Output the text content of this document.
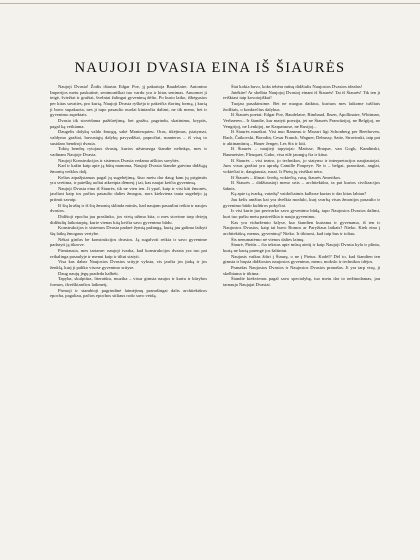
NAUJOJI DVASIA EINA IŠ ŠIAURĖS

Naujoji Dvasia! Žodis ištartas Edgar Poe, jį pakartoja Baudelaire. Antonino Imperijos metu paskutinė, senimoniškai tuo vardu yra ir kitas senimas. Anuomet ji teigė, šviežiai ir gražiai, švelniai žalingai gyvenimą dėlto. Po kurio laiko, išbėgusios per kitas savaites, pro kurią, Naujoji Dvasia ryškėja ir pakeičia išorinę formą, į kurią ji buvo supakuota, nes ji tapo pasaulio nuolat kintančia dalimi, ne tik meno, bet ir gyvenimo aspektais.

Dvasia tik stovėdama pažiūrėjimą, bet gražiu, pagrindu, skatinimu, kryptis, pagal ką veikiama.

Daugelis dalykų valdo žmogų, sakė Montesquieu. Oras, tikėjimas, įstatymai, valdymo gražiai, buvusiųjų dalykų pavyzdžiai, papročiai, manieros – iš visų to susidaro bendroji dvasia.

Tokių bendrų rytojaus dvasių, kurios užsimezga šiandie nelinkęs, mes ir vadinam Naujoje Dvasia.

Naujoji Konstrukcijos ir sistemos Dvasia vedama aiškios savybės.

Kad ir kažin kaip apie ją būtų manoma, Naujoji Dvasia šiandie gaivina didžiąją žmonių veiklos dalį.

Kelias atpažįstamas pagal jų sugebėjimą, šiuo metu dar daug kam jų prigimtis yra svetima, ir paieškų uoliai atkreipia dėmesį į tai, kas naujai keičia gyvenimą.

Naujoji Dvasia eina iš Šiaurės, tik ne vien ten. Ji ypač, kaip ir visi kiti žmonės, jaučiasi kaip tos pačios pasaulio dalies žmogus, nors kiekviena tauta sugebėjo ją priimti savaip.

Iš šių kraštų ir iš šių žmonių sklinda mintis, kad naujam pasauliui reikia ir naujos dvasios.

Didžioji epocha jau praslinko, jos vietą užima kita, o mes stovime tarp dviejų didžiulių laikotarpių, kurie vienas kitą keičia savo gyvenimo būdu.

Konstrukcijos ir sistemos Dvasia padarė žymią pažangą, kurią jau galima laikyti šių laikų žmogaus vertybe.

Nėkai ginčas be konstrukcijos dvasios. Ją sugalvoti reikia ir savo gyvenime padaryti ją tikrove.

Pirmiausia, mes tariame: naujoji tvarka, kad konstrukcijos dvasia yra tuo pat reikalinga pasaulyje ir menui kaip ir tiltui statyti.

Visa kas dabar Naujosios Dvasios srityje vyksta, vis jaučia jos įtaką ir jos ženklą, kurį ji paliko visose gyvenimo srityse.

Daug naujų jėgų pradeda kalbėti.

Tapyba, skulptūra, literatūra, muzika – visur gimsta naujos ir kartu ir kūrybos formos, išreiškiančios laikmetį.

Pirmoji ir stambioji pagrindinė laimėjimų pranašingai dalis architektūros epocha, pagaliau, pačios epochos stiliaus rodo savo veidą.

Šiai kokia buvo, koks tebėra mūsų didžiulis Naujosios Dvasios idealas!

Jutėkite! Ar skelbta Naujojoj Dvasioj einant iš Šiaurės! Tai iš Šiaurės! Tik ten ji reiškiasi taip kovotojiškai!

Tuojau pasakinsime. Bet ne nuogus daiktus, kuriuos mes laikome tuščiais žodžiais, o konkrečius dalykus.

Iš Šiaurės poetai: Edgar Poe, Baudelaire, Rimbaud, Ibsen, Apollinaire, Whitman, Verhaeren... Ir šiandie, kur matyti poezija, jei ne Šiaurės Prancūzijoj, ne Belgijoj, ne Vengrijoj, ne Lenkijoj, ne Karpatuose, ne Rusijoj...

Iš Šiaurės muzikai. Visi nuo Rameau ir Mozart ligi Schonberg per Beethoven, Bach, Čaikovski, Borodin, Cesar Franck, Wagner, Debussy, Satie, Stravinski, taip pat ir aktinantinių – Hauer Jenger, Les Six ir kiti.

Iš Šiaurės – naujieji tapytojai: Matisse, Braque, van Gogh, Kandinski, Baumeister, Fleuquet, Gabo, visa eilė jaunųjų čia ir kitur.

Iš Šiaurės – visi teatro, jo technikos, jo statymo ir interpretacijos naujiautojai. Juos visus gražiai yra aprašę Camille Poupeye. Ne ir – belgai, prancūzai, anglai, vokiečiai ir, daugiausia, rusai. Ir Pietų jų visiškai nėra.

Iš Šiaurės – filmai: švedų, vokiečių, rusų, šiaurės Amerikos.

Iš Šiaurės – didžiausioji meno srtis – architektūra, ta pat kurios civilizacijos šaknis.

Ką apie tą tvarką, vaizdų? vaidočiaimis kalbose kurias ir dar kitas labiau?

Jau kelis amžius kai yra dvelkia modulo, kurį svarbą visas žmonijos pasaulio ir gyvenimo būdo kultūros pokyčiai.

Ir visi kurie juo pertvarko savo gyvenimo būdą, tapo Naujosios Dvasios dalimi, kuri tuo pačiu metu pasireiškia ir nauju gyvenimu.

Kas yra viduržemio šalyse, kur šiandien kuriama ir gyvenama, iš ten ir Naujosios Dvasios, kaip tai buvo Romos ar Paryžiaus laikais? Nieko. Kiek eina į architektūrą, menus, gyvenimą? Nieko. Ir tikiuosi, kad taip bus ir toliau.

Šis nenumatėmo nė vienos dalies laimę.

Šiaurė, Pietūs – čia tekstas apie mūsų ateitį ir kaip Naujoji Dvasia kyla ir plinta, kurią ne kartą parengė jos šaltiniai.

Naujasis vaikas žiūri į Šiaurę, o ne į Pietus. Kodėl? Dėl to, kad šiandien ten gimsta ir bręsta didžiosios naujosios gyvenimo, meno, mokslo ir technikos idėjos.

Pranašas Naujosios Dvasios ir Naujosios Dvasios pranašas. Ji yra tarp visų, ji skelbiama ir tikima.

Šiandie kiekvienas pagal savo specialybę, tuo metu dar to nežinodamas, jau tarnauja Naujajai Dvasiai.
